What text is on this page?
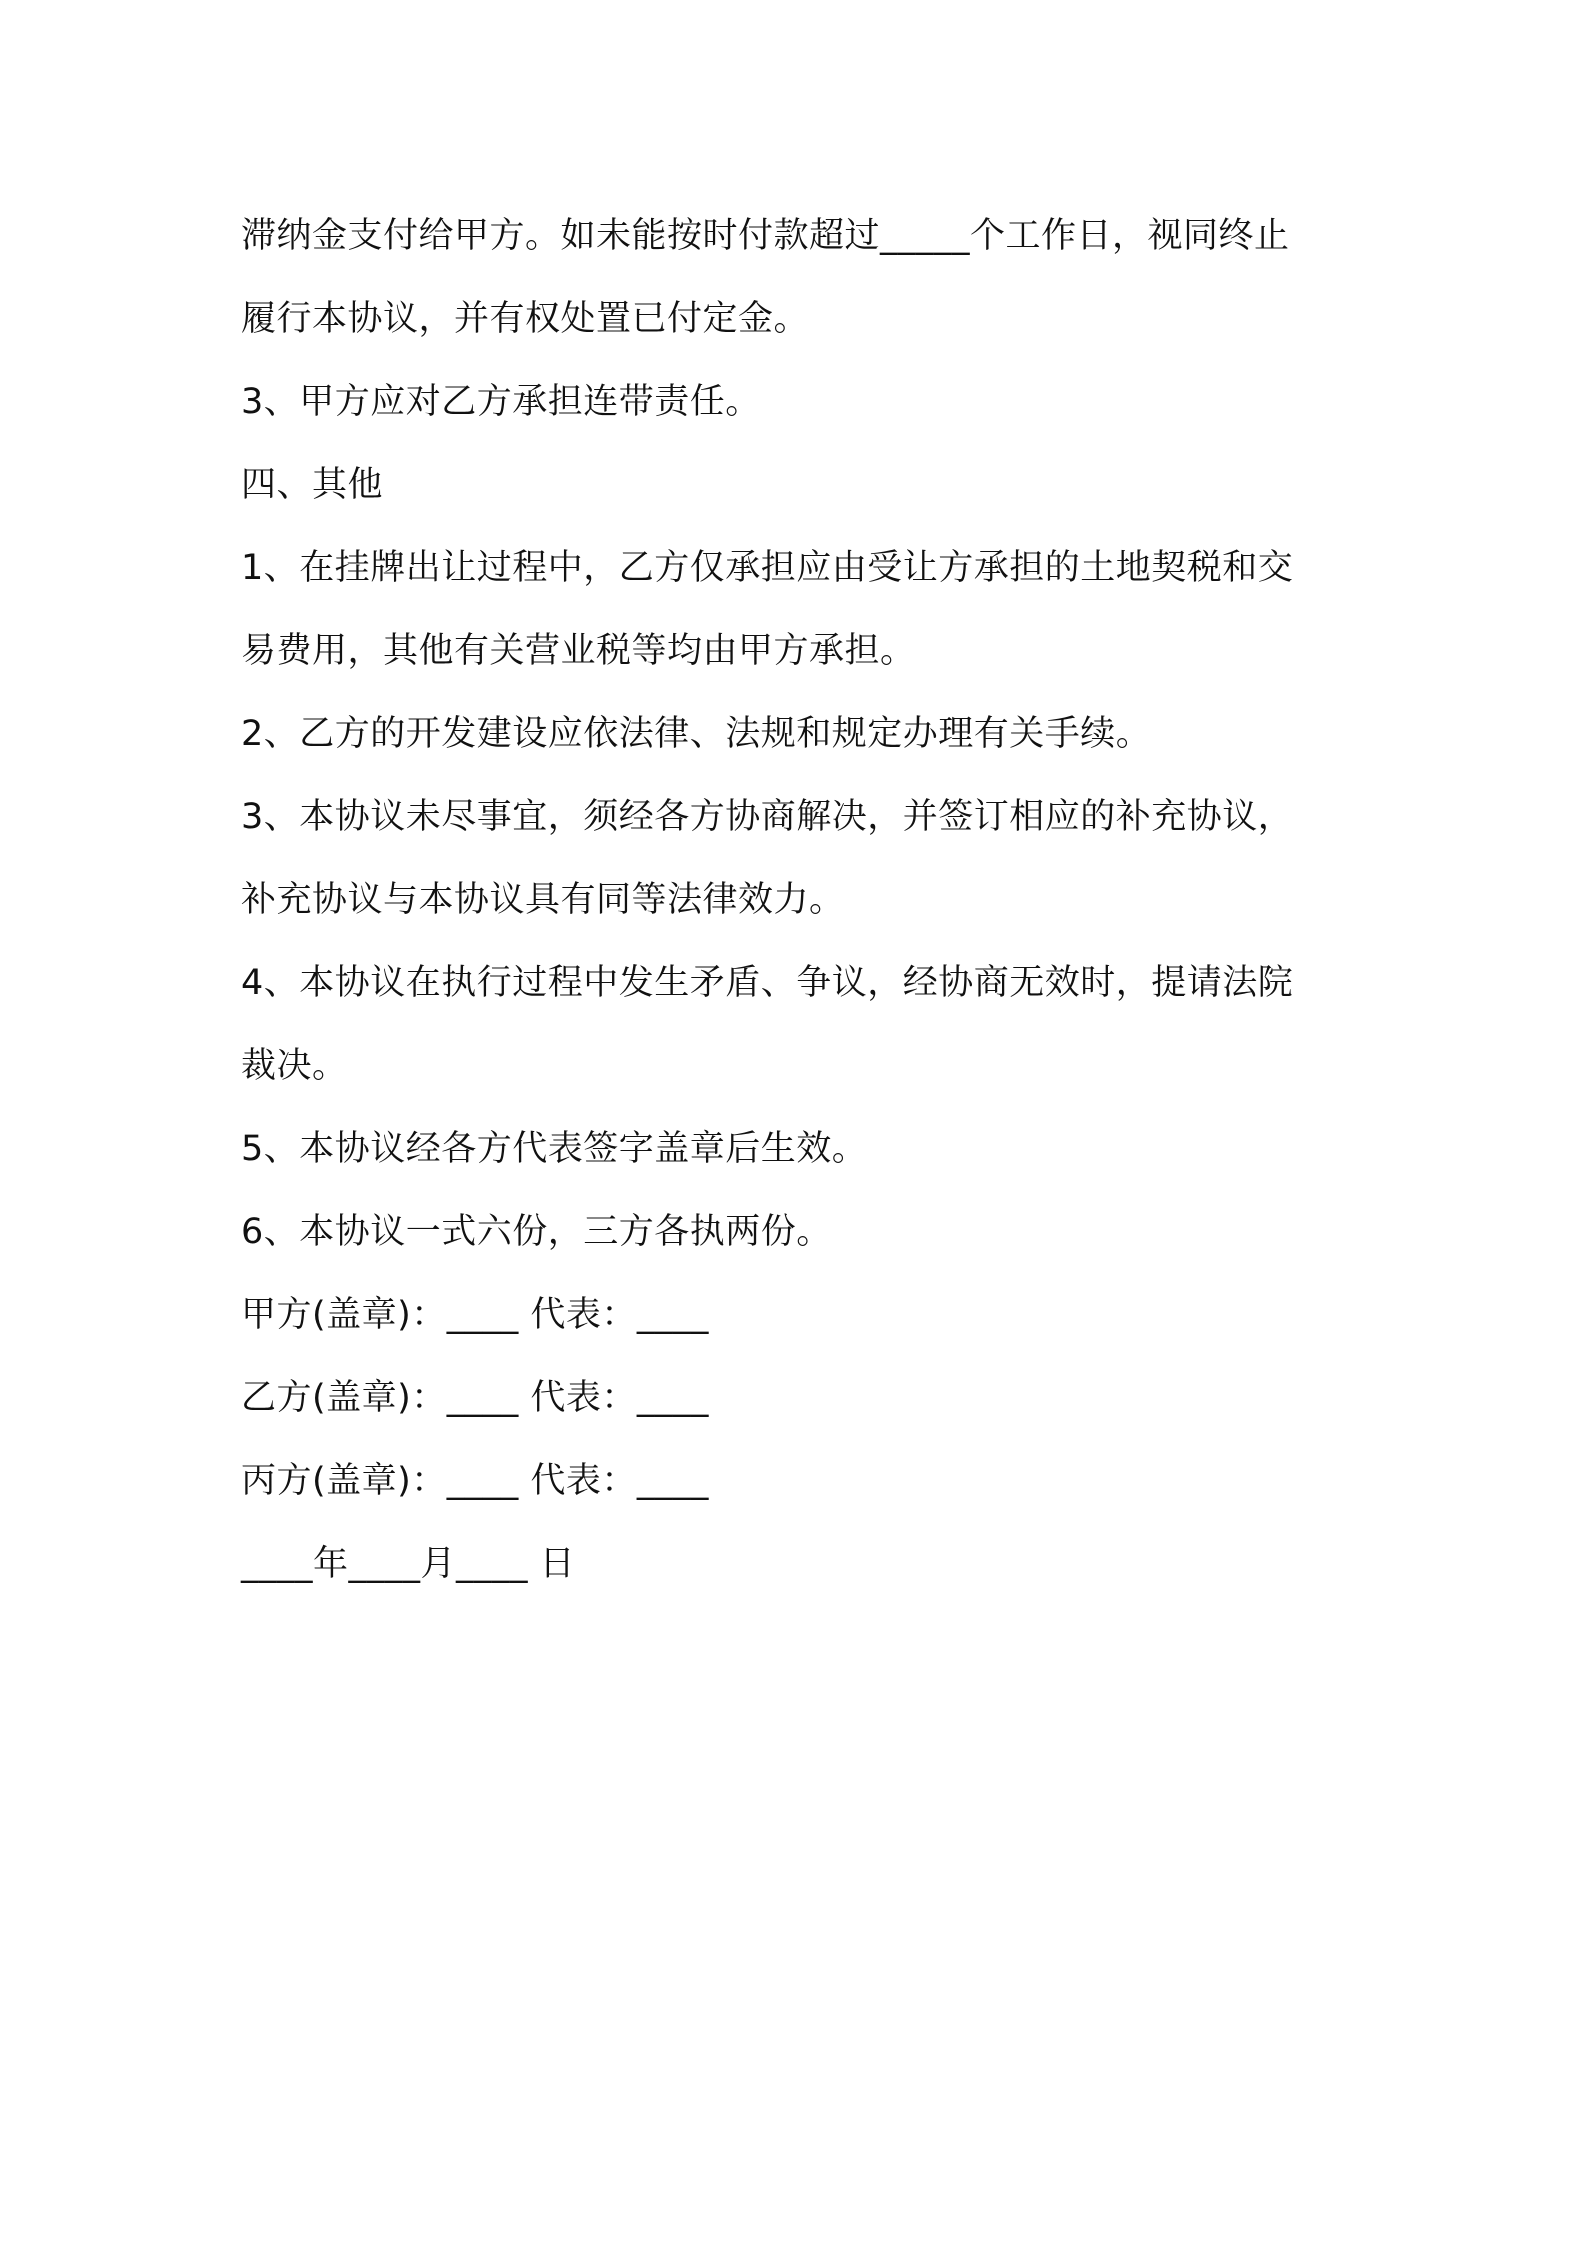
滞纳金支付给甲方。如未能按时付款超过_____个工作日，视同终止
履行本协议，并有权处置已付定金。
3、甲方应对乙方承担连带责任。
四、其他
1、在挂牌出让过程中，乙方仅承担应由受让方承担的土地契税和交
易费用，其他有关营业税等均由甲方承担。
2、乙方的开发建设应依法律、法规和规定办理有关手续。
3、本协议未尽事宜，须经各方协商解决，并签订相应的补充协议，
补充协议与本协议具有同等法律效力。
4、本协议在执行过程中发生矛盾、争议，经协商无效时，提请法院
裁决。
5、本协议经各方代表签字盖章后生效。
6、本协议一式六份，三方各执两份。
甲方(盖章)：____ 代表：____
乙方(盖章)：____ 代表：____
丙方(盖章)：____ 代表：____
____年____月____ 日
